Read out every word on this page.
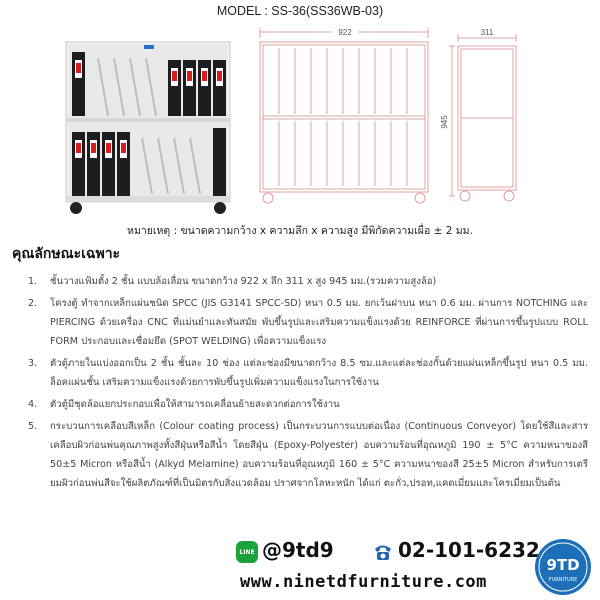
MODEL : SS-36(SS36WB-03)
922	311
945
หมายเหตุ : ขนาดความกว้าง x ความลึก x ความสูง มีพิกัดความเผื่อ ± 2 มม.
คุณลักษณะเฉพาะ
1.	ชั้นวางแฟ้มตั้ง 2 ชั้น แบบล้อเลื่อน ขนาดกว้าง 922 x ลึก 311 x สูง 945 มม.(รวมความสูงล้อ)
2.	โครงตู้ ทำจากเหล็กแผ่นชนิด SPCC (JIS G3141 SPCC-SD) หนา 0.5 มม. ยกเว้นฝาบน หนา 0.6 มม. ผ่านการ NOTCHING และ PIERCING ด้วยเครื่อง CNC ที่แม่นยำและทันสมัย พับขึ้นรูปและเสริมความแข็งแรงด้วย REINFORCE ที่ผ่านการขึ้นรูปแบบ ROLL FORM ประกอบและเชื่อมยึด (SPOT WELDING) เพื่อความแข็งแรง
3.	ตัวตู้ภายในแบ่งออกเป็น 2 ชั้น ชั้นละ 10 ช่อง แต่ละช่องมีขนาดกว้าง 8.5 ซม.และแต่ละช่องกั้นด้วยแผ่นเหล็กขึ้นรูป หนา 0.5 มม. ล็อคแผ่นชั้น เสริมความแข็งแรงด้วยการพับขึ้นรูปเพิ่มความแข็งแรงในการใช้งาน
4.	ตัวตู้มีชุดล้อแยกประกอบเพื่อให้สามารถเคลื่อนย้ายสะดวกต่อการใช้งาน
5.	กระบวนการเคลือบสีเหล็ก (Colour coating process) เป็นกระบวนการแบบต่อเนื่อง (Continuous Conveyor) โดยใช้สีและสารเคลือบผิวก่อนพ่นคุณภาพสูงทั้งสีฝุ่นหรือสีน้ำ โดยสีฝุ่น (Epoxy-Polyester) อบความร้อนที่อุณหภูมิ 190 ± 5°C ความหนาของสี 50±5 Micron หรือสีน้ำ (Alkyd Melamine) อบความร้อนที่อุณหภูมิ 160 ± 5°C ความหนาของสี 25±5 Micron สำหรับการเตรียมผิวก่อนพ่นสีจะใช้ผลิตภัณฑ์ที่เป็นมิตรกับสิ่งแวดล้อม ปราศจากโลหะหนัก ได้แก่ ตะกั่ว,ปรอท,แคดเมี่ยมและโครเมี่ยมเป็นต้น
LINE @9td9	02-101-6232
www.ninetdfurniture.com
9TD
FURNITURE
